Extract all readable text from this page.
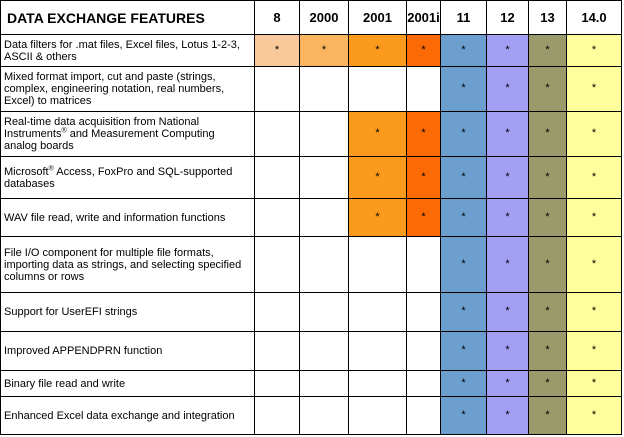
DATA EXCHANGE FEATURES	8	2000	2001	2001i	11	12	13	14.0
Data filters for .mat files, Excel files, Lotus 1-2-3,
ASCII & others	*	*	*	*	*	*	*	*
Mixed format import, cut and paste (strings,
complex, engineering notation, real numbers,
Excel) to matrices					*	*	*	*
Real-time data acquisition from National
Instruments® and Measurement Computing
analog boards			*	*	*	*	*	*
Microsoft® Access, FoxPro and SQL-supported
databases			*	*	*	*	*	*
WAV file read, write and information functions			*	*	*	*	*	*
File I/O component for multiple file formats,
importing data as strings, and selecting specified
columns or rows					*	*	*	*
Support for UserEFI strings					*	*	*	*
Improved APPENDPRN function					*	*	*	*
Binary file read and write					*	*	*	*
Enhanced Excel data exchange and integration					*	*	*	*
